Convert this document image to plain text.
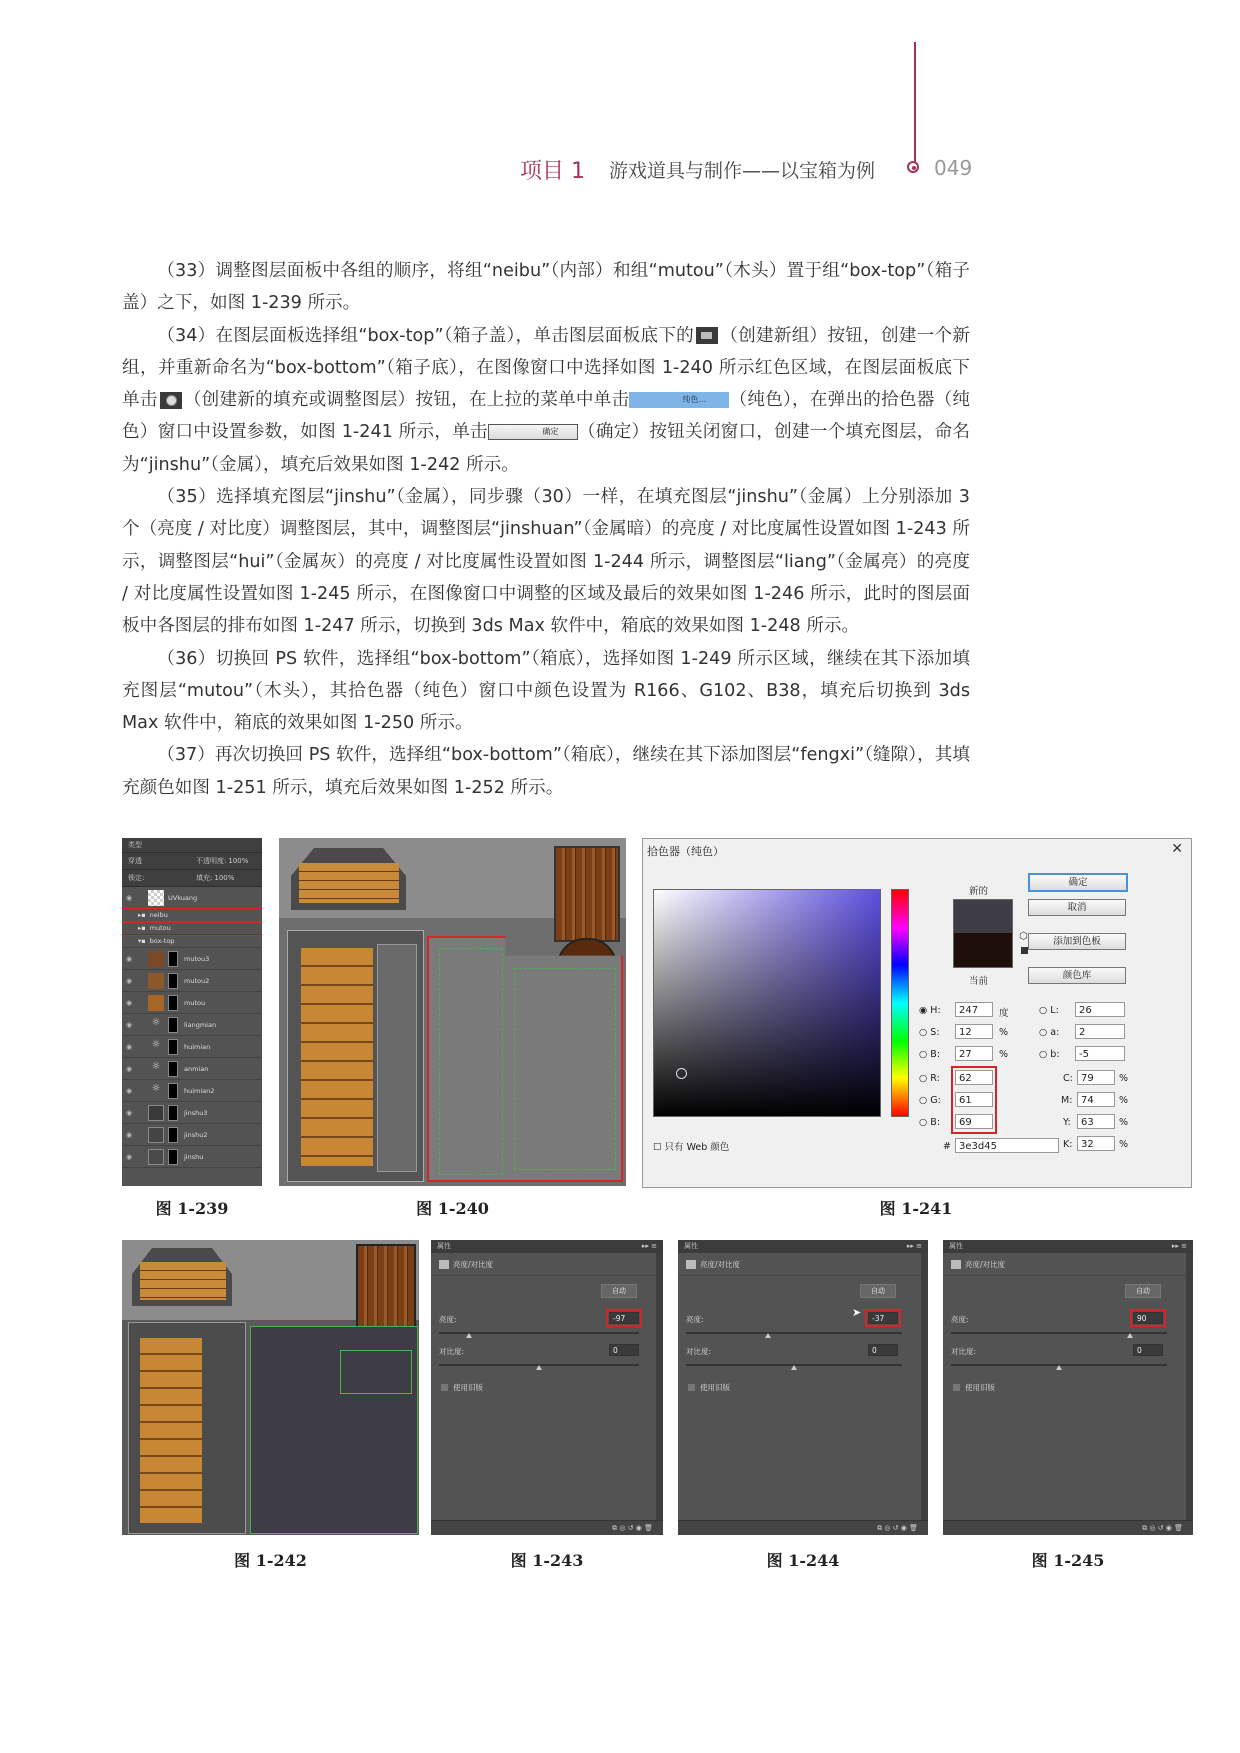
项目 1 游戏道具与制作——以宝箱为例	049

（33）调整图层面板中各组的顺序，将组“neibu”（内部）和组“mutou”（木头）置于组“box-top”（箱子盖）之下，如图 1-239 所示。

（34）在图层面板选择组“box-top”（箱子盖），单击图层面板底下的 （创建新组）按钮，创建一个新组，并重新命名为“box-bottom”（箱子底），在图像窗口中选择如图 1-240 所示红色区域，在图层面板底下单击 （创建新的填充或调整图层）按钮，在上拉的菜单中单击	纯色... （纯色），在弹出的拾色器（纯色）窗口中设置参数，如图 1-241 所示，单击	确定 （确定）按钮关闭窗口，创建一个填充图层，命名为“jinshu”（金属），填充后效果如图 1-242 所示。

（35）选择填充图层“jinshu”（金属），同步骤（30）一样，在填充图层“jinshu”（金属）上分别添加 3 个（亮度 / 对比度）调整图层，其中，调整图层“jinshuan”（金属暗）的亮度 / 对比度属性设置如图 1-243 所示，调整图层“hui”（金属灰）的亮度 / 对比度属性设置如图 1-244 所示，调整图层“liang”（金属亮）的亮度 / 对比度属性设置如图 1-245 所示，在图像窗口中调整的区域及最后的效果如图 1-246 所示，此时的图层面板中各图层的排布如图 1-247 所示，切换到 3ds Max 软件中，箱底的效果如图 1-248 所示。

（36）切换回 PS 软件，选择组“box-bottom”（箱底），选择如图 1-249 所示区域，继续在其下添加填充图层“mutou”（木头），其拾色器（纯色）窗口中颜色设置为 R166、G102、B38，填充后切换到 3ds Max 软件中，箱底的效果如图 1-250 所示。

（37）再次切换回 PS 软件，选择组“box-bottom”（箱底），继续在其下添加图层“fengxi”（缝隙），其填充颜色如图 1-251 所示，填充后效果如图 1-252 所示。

类型
穿透	不透明度: 100%
锁定:	填充: 100%
◉	UVkuang
▸▪ neibu
▸▪ mutou
▾▪ box-top
◉	mutou3
◉	mutou2
◉	mutou
◉	☼	liangmian
◉	☼	huimian
◉	☼	anmian
◉	☼	huimian2
◉	jinshu3
◉	jinshu2
◉	jinshu
图 1-239	图 1-240
拾色器（纯色）	✕
新的
当前
⬡
确定
取消
添加到色板
颜色库
◉ H:	247	度
○ S:	12	%
○ B:	27	%
○ R:	62
○ G:	61
○ B:	69
○ L:	26
○ a:	2
○ b:	-5
C: 79	%
M: 74	%
Y:	63	%
K: 32	%
# 3e3d45
☐ 只有 Web 颜色
图 1-241
图 1-242
属性	▸▸ ≡
亮度/对比度
自动
亮度:	-97
对比度:	0
使用旧版
⧉ ◎ ↺ ◉ 🗑
图 1-243
属性	▸▸ ≡
亮度/对比度
自动
亮度:	-37
➤
对比度:	0
使用旧版
⧉ ◎ ↺ ◉ 🗑
图 1-244
属性	▸▸ ≡
亮度/对比度
自动
亮度:	90
对比度:	0
使用旧版
⧉ ◎ ↺ ◉ 🗑
图 1-245
